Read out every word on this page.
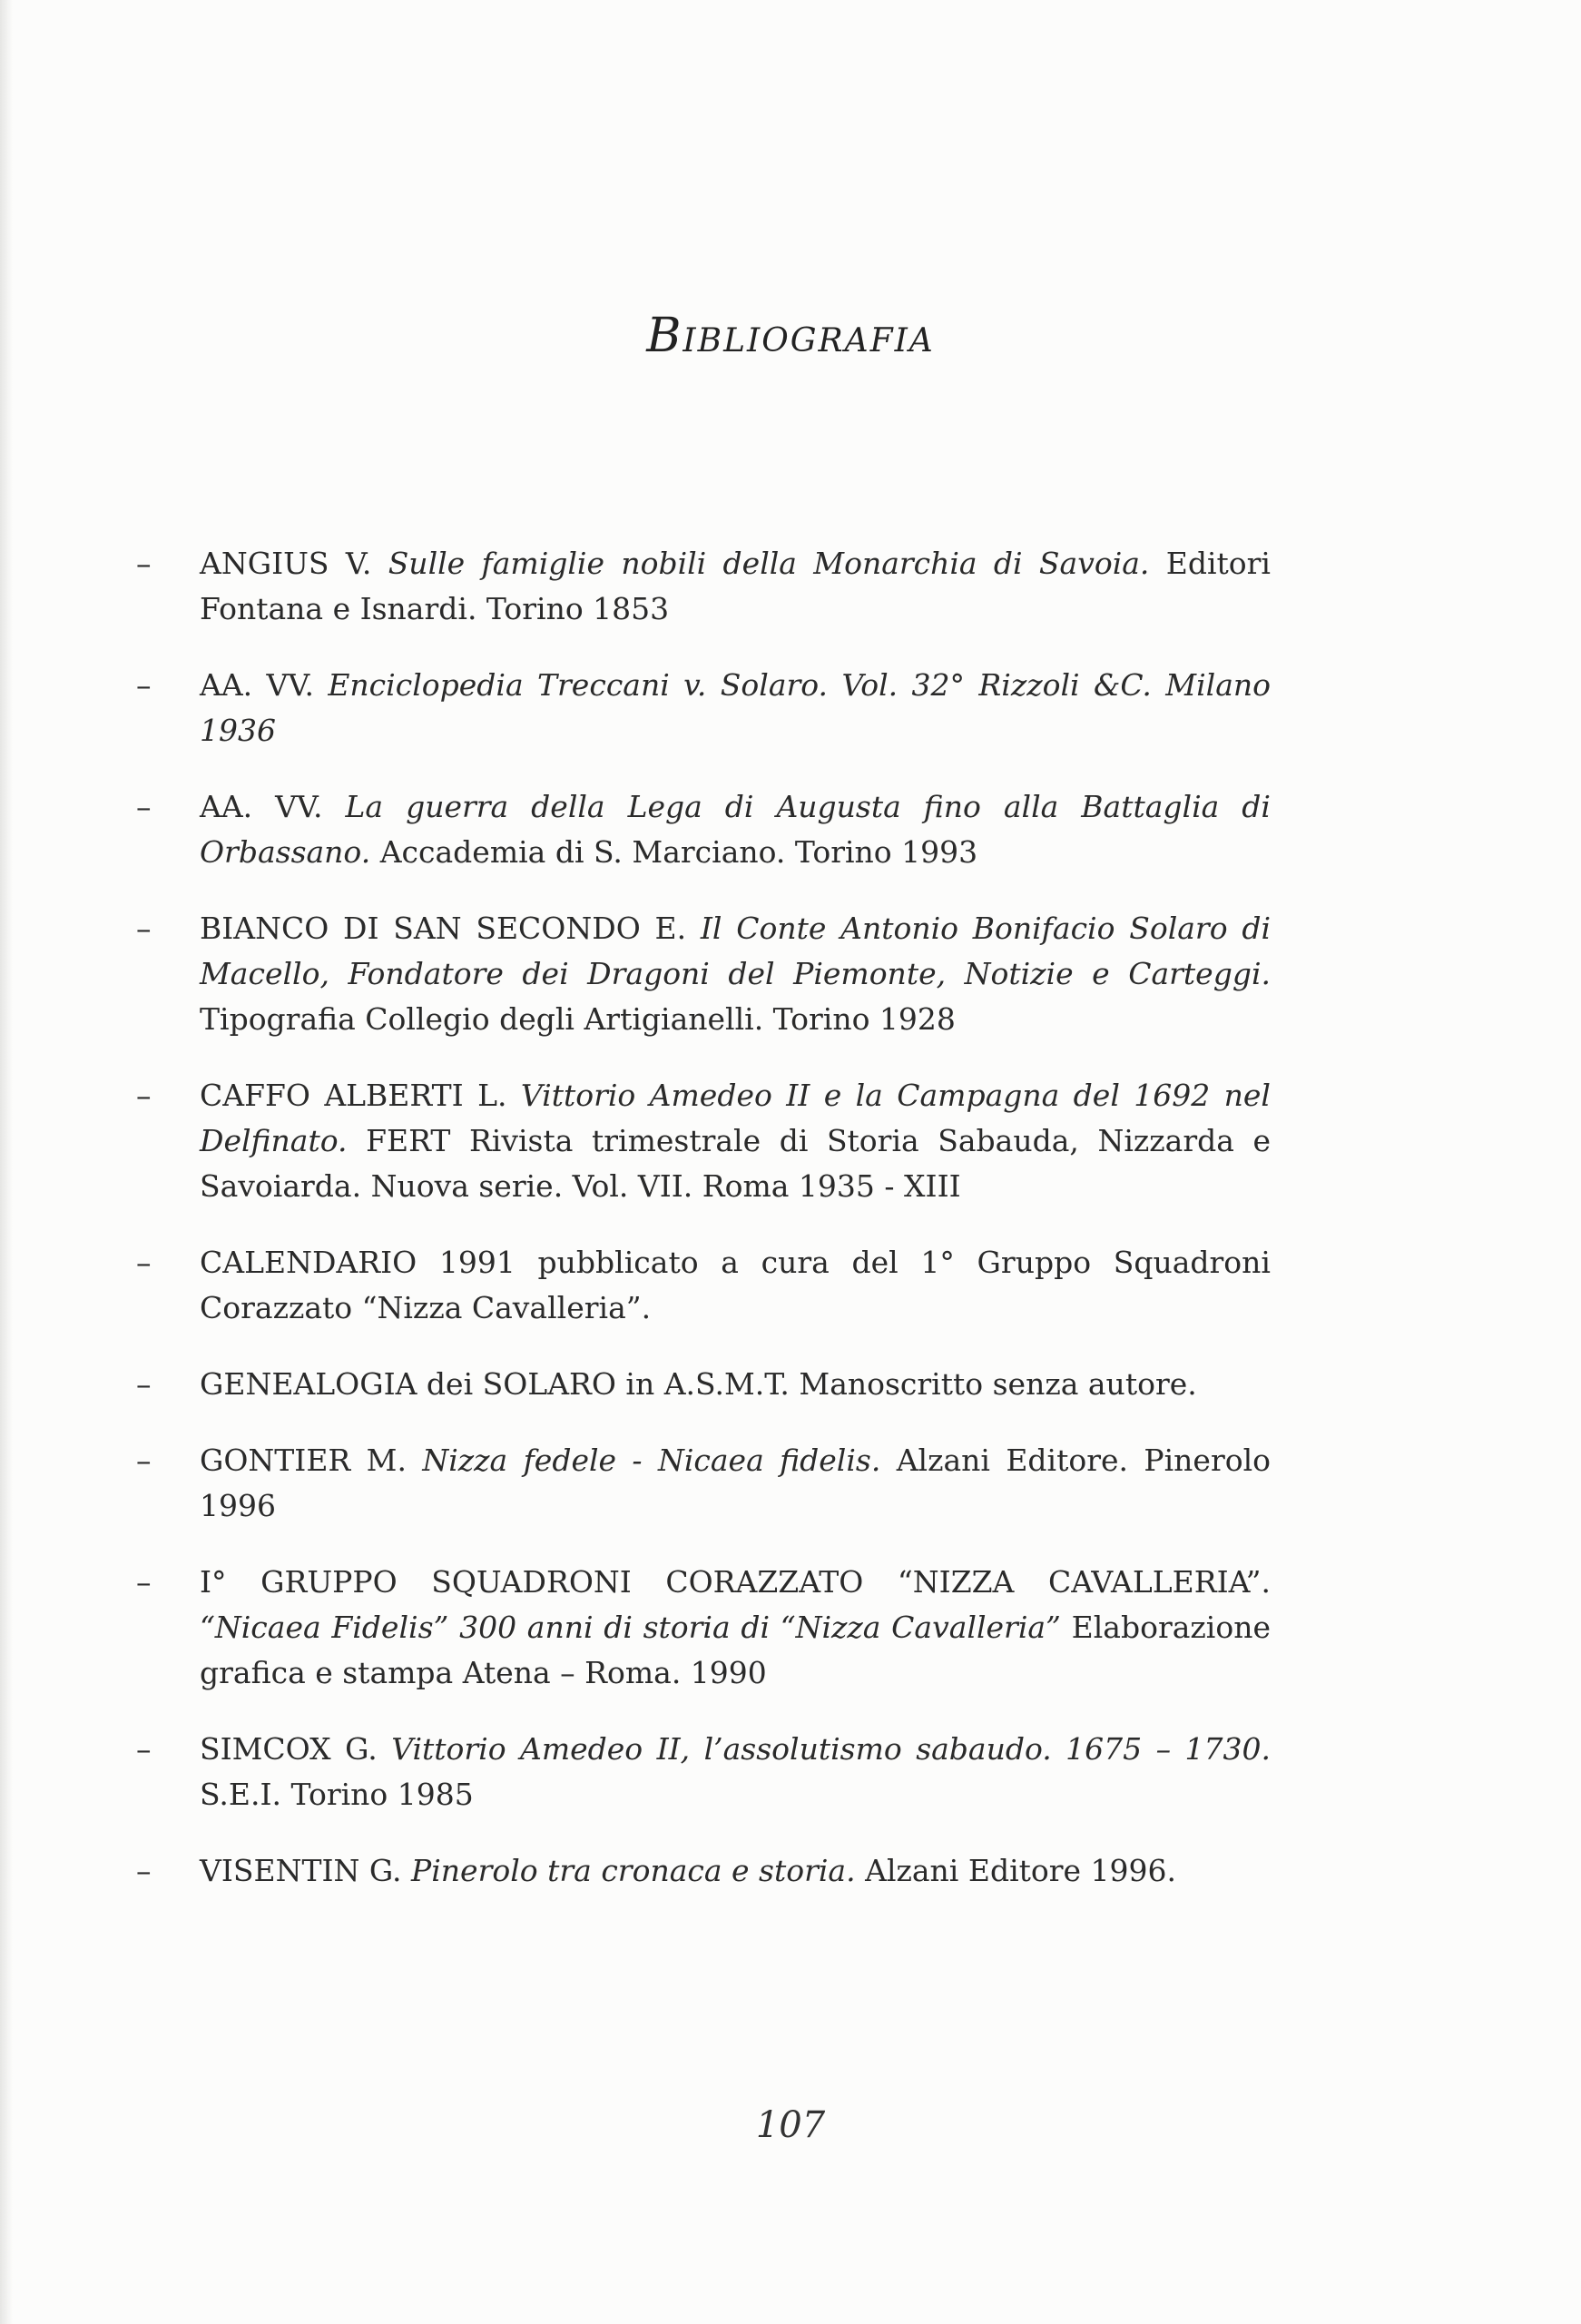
Bibliografia
–	ANGIUS V. Sulle famiglie nobili della Monarchia di Savoia. Editori Fontana e Isnardi. Torino 1853
–	AA. VV. Enciclopedia Treccani v. Solaro. Vol. 32° Rizzoli &C. Milano 1936
–	AA. VV. La guerra della Lega di Augusta fino alla Battaglia di Orbassano. Accademia di S. Marciano. Torino 1993
–	BIANCO DI SAN SECONDO E. Il Conte Antonio Bonifacio Solaro di Macello, Fondatore dei Dragoni del Piemonte, Notizie e Carteggi. Tipografia Collegio degli Artigianelli. Torino 1928
–	CAFFO ALBERTI L. Vittorio Amedeo II e la Campagna del 1692 nel Delfinato. FERT Rivista trimestrale di Storia Sabauda, Nizzarda e Savoiarda. Nuova serie. Vol. VII. Roma 1935 - XIII
–	CALENDARIO 1991 pubblicato a cura del 1° Gruppo Squadroni Corazzato “Nizza Cavalleria”.
–	GENEALOGIA dei SOLARO in A.S.M.T. Manoscritto senza autore.
–	GONTIER M. Nizza fedele - Nicaea fidelis. Alzani Editore. Pinerolo 1996
–	I° GRUPPO SQUADRONI CORAZZATO “NIZZA CAVALLERIA”. “Nicaea Fidelis” 300 anni di storia di “Nizza Cavalleria” Elaborazione grafica e stampa Atena – Roma. 1990
–	SIMCOX G. Vittorio Amedeo II, l’assolutismo sabaudo. 1675 – 1730. S.E.I. Torino 1985
–	VISENTIN G. Pinerolo tra cronaca e storia. Alzani Editore 1996.
107
